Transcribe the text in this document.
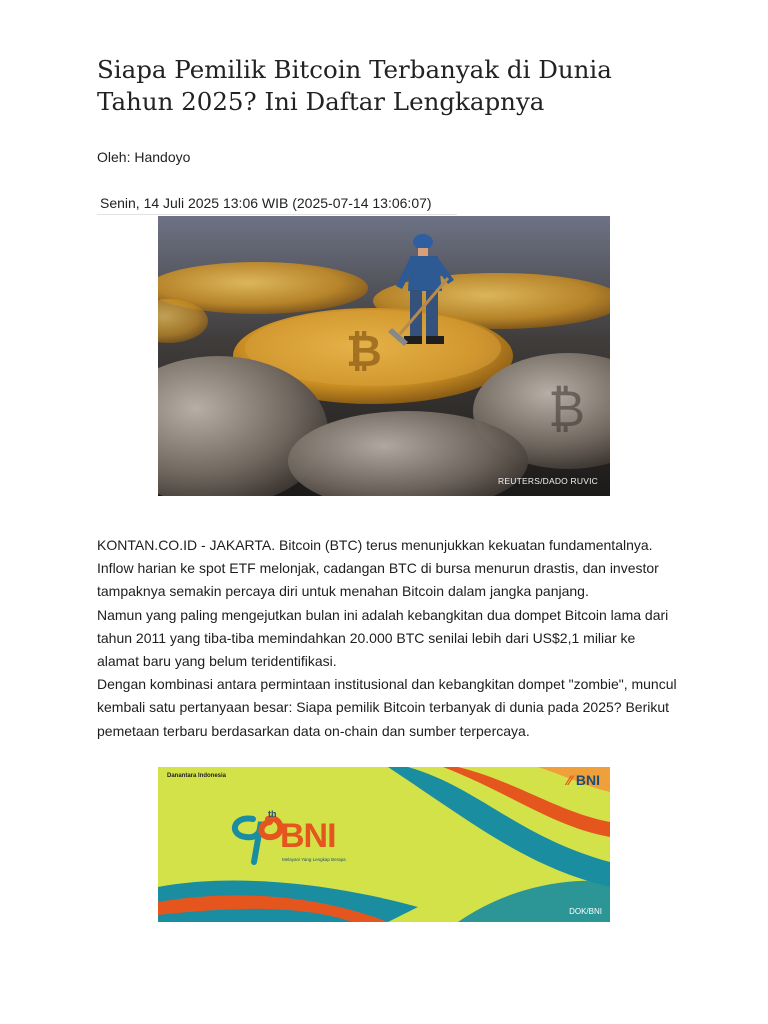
Siapa Pemilik Bitcoin Terbanyak di Dunia Tahun 2025? Ini Daftar Lengkapnya
Oleh: Handoyo
Senin, 14 Juli 2025 13:06 WIB (2025-07-14 13:06:07)
₿
₿
REUTERS/DADO RUVIC

KONTAN.CO.ID - JAKARTA. Bitcoin (BTC) terus menunjukkan kekuatan fundamentalnya. Inflow harian ke spot ETF melonjak, cadangan BTC di bursa menurun drastis, dan investor tampaknya semakin percaya diri untuk menahan Bitcoin dalam jangka panjang.

Namun yang paling mengejutkan bulan ini adalah kebangkitan dua dompet Bitcoin lama dari tahun 2011 yang tiba-tiba memindahkan 20.000 BTC senilai lebih dari US$2,1 miliar ke alamat baru yang belum teridentifikasi.

Dengan kombinasi antara permintaan institusional dan kebangkitan dompet "zombie", muncul kembali satu pertanyaan besar: Siapa pemilik Bitcoin terbanyak di dunia pada 2025? Berikut pemetaan terbaru berdasarkan data on-chain dan sumber terpercaya.

Danantara Indonesia	⁄⁄ BNI
th
BNI
Melayani Yang Lengkap Berapa
DOK/BNI
